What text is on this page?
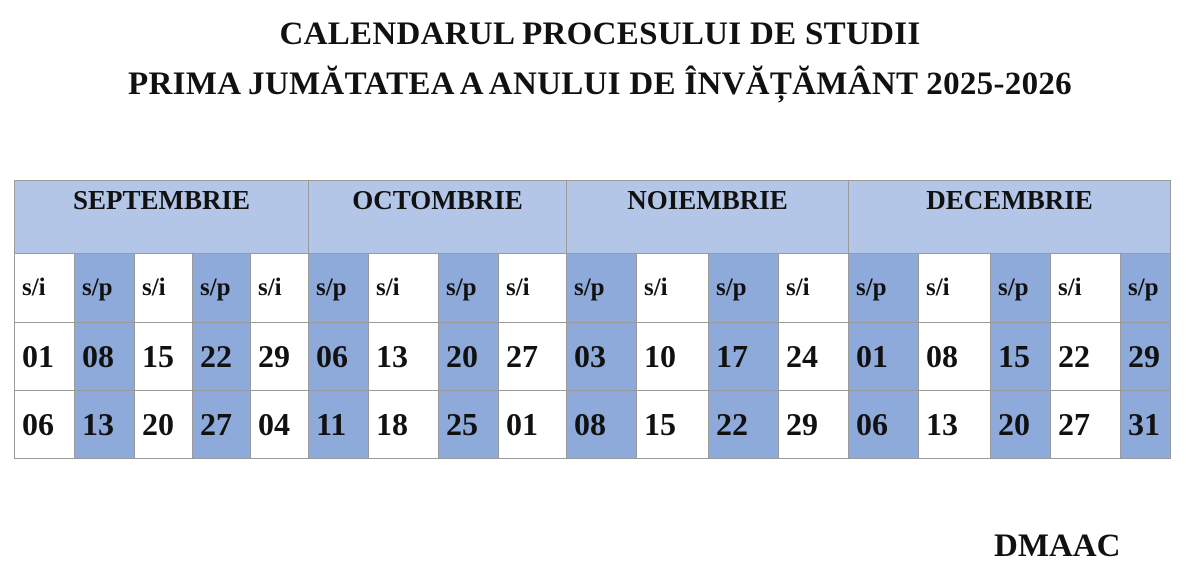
CALENDARUL PROCESULUI DE STUDII
PRIMA JUMĂTATEA A ANULUI DE ÎNVĂȚĂMÂNT 2025-2026
SEPTEMBRIE					OCTOMBRIE				NOIEMBRIE				DECEMBRIE				
s/i	s/p	s/i	s/p	s/i	s/p	s/i	s/p	s/i	s/p	s/i	s/p	s/i	s/p	s/i	s/p	s/i	s/p
01	08	15	22	29	06	13	20	27	03	10	17	24	01	08	15	22	29
06	13	20	27	04	11	18	25	01	08	15	22	29	06	13	20	27	31
DMAAC
